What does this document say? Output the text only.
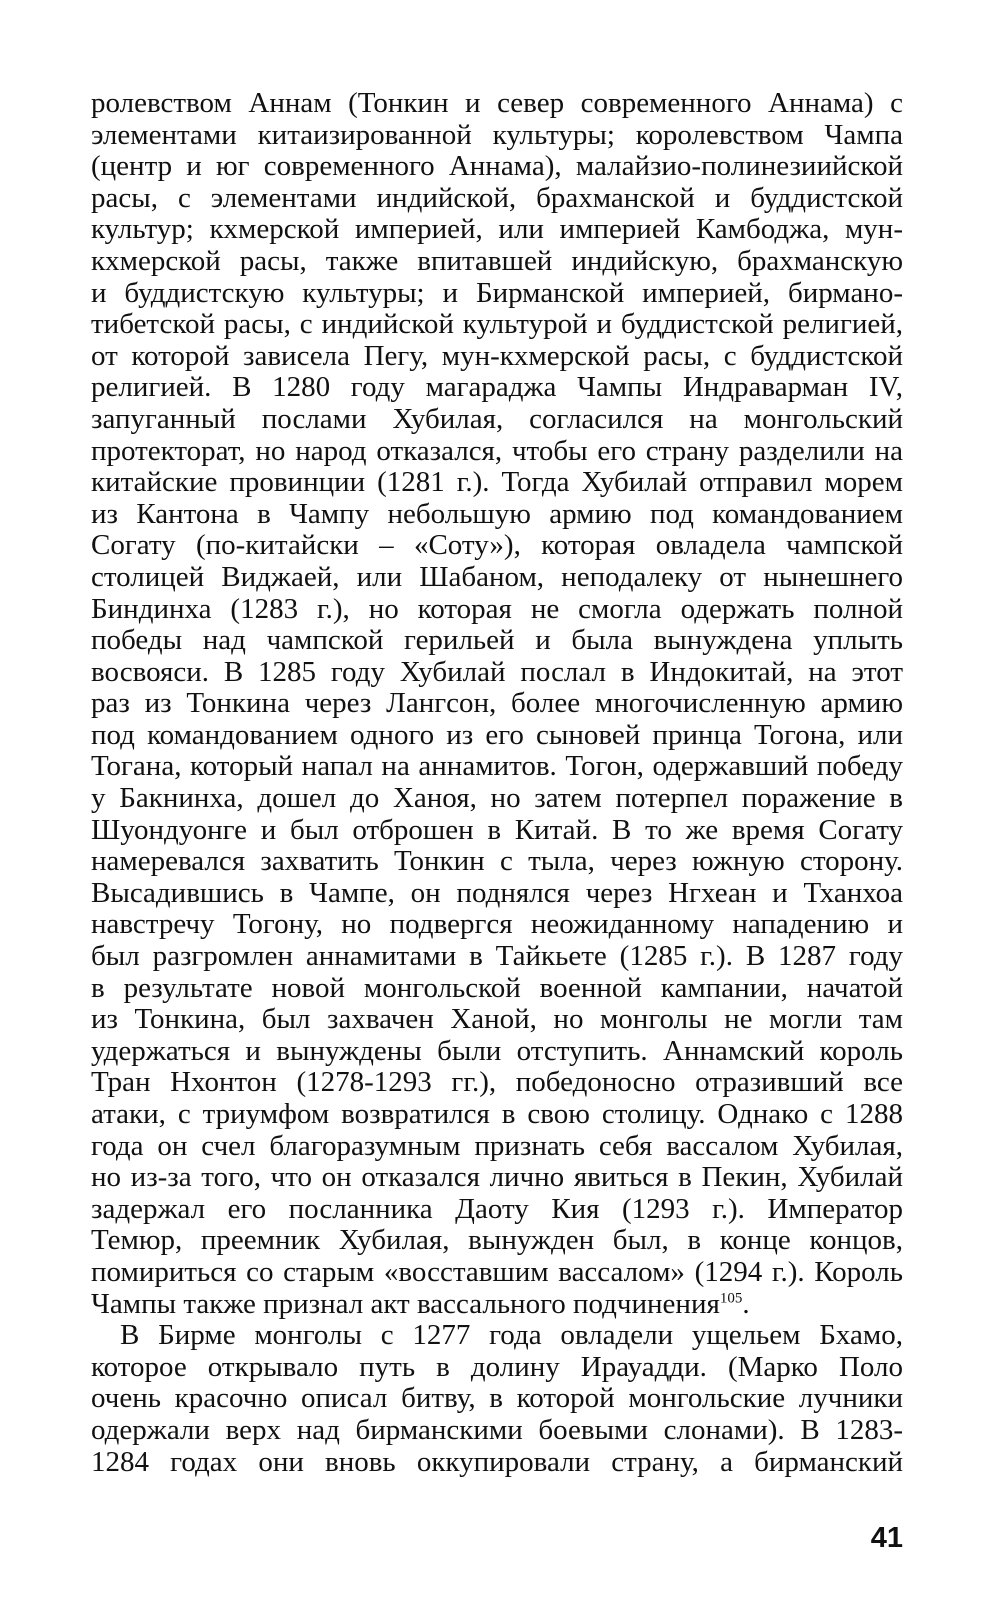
ролевством Аннам (Тонкин и север современного Аннама) с
элементами китаизированной культуры; королевством Чампа
(центр и юг современного Аннама), малайзио-полинезиийской
расы, с элементами индийской, брахманской и буддистской
культур; кхмерской империей, или империей Камбоджа, мун-
кхмерской расы, также впитавшей индийскую, брахманскую
и буддистскую культуры; и Бирманской империей, бирмано-
тибетской расы, с индийской культурой и буддистской религией,
от которой зависела Пегу, мун-кхмерской расы, с буддистской
религией. В 1280 году магараджа Чампы Индраварман IV,
запуганный послами Хубилая, согласился на монгольский
протекторат, но народ отказался, чтобы его страну разделили на
китайские провинции (1281 г.). Тогда Хубилай отправил морем
из Кантона в Чампу небольшую армию под командованием
Согату (по-китайски – «Соту»), которая овладела чампской
столицей Виджаей, или Шабаном, неподалеку от нынешнего
Биндинха (1283 г.), но которая не смогла одержать полной
победы над чампской герильей и была вынуждена уплыть
восвояси. В 1285 году Хубилай послал в Индокитай, на этот
раз из Тонкина через Лангсон, более многочисленную армию
под командованием одного из его сыновей принца Тогона, или
Тогана, который напал на аннамитов. Тогон, одержавший победу
у Бакнинха, дошел до Ханоя, но затем потерпел поражение в
Шуондуонге и был отброшен в Китай. В то же время Согату
намеревался захватить Тонкин с тыла, через южную сторону.
Высадившись в Чампе, он поднялся через Нгхеан и Тханхоа
навстречу Тогону, но подвергся неожиданному нападению и
был разгромлен аннамитами в Тайкьете (1285 г.). В 1287 году
в результате новой монгольской военной кампании, начатой
из Тонкина, был захвачен Ханой, но монголы не могли там
удержаться и вынуждены были отступить. Аннамский король
Тран Нхонтон (1278-1293 гг.), победоносно отразивший все
атаки, с триумфом возвратился в свою столицу. Однако с 1288
года он счел благоразумным признать себя вассалом Хубилая,
но из-за того, что он отказался лично явиться в Пекин, Хубилай
задержал его посланника Даоту Кия (1293 г.). Император
Темюр, преемник Хубилая, вынужден был, в конце концов,
помириться со старым «восставшим вассалом» (1294 г.). Король
Чампы также признал акт вассального подчинения$^{105}$.

В Бирме монголы с 1277 года овладели ущельем Бхамо,
которое открывало путь в долину Ирауадди. (Марко Поло
очень красочно описал битву, в которой монгольские лучники
одержали верх над бирманскими боевыми слонами). В 1283-
1284 годах они вновь оккупировали страну, а бирманский

41
